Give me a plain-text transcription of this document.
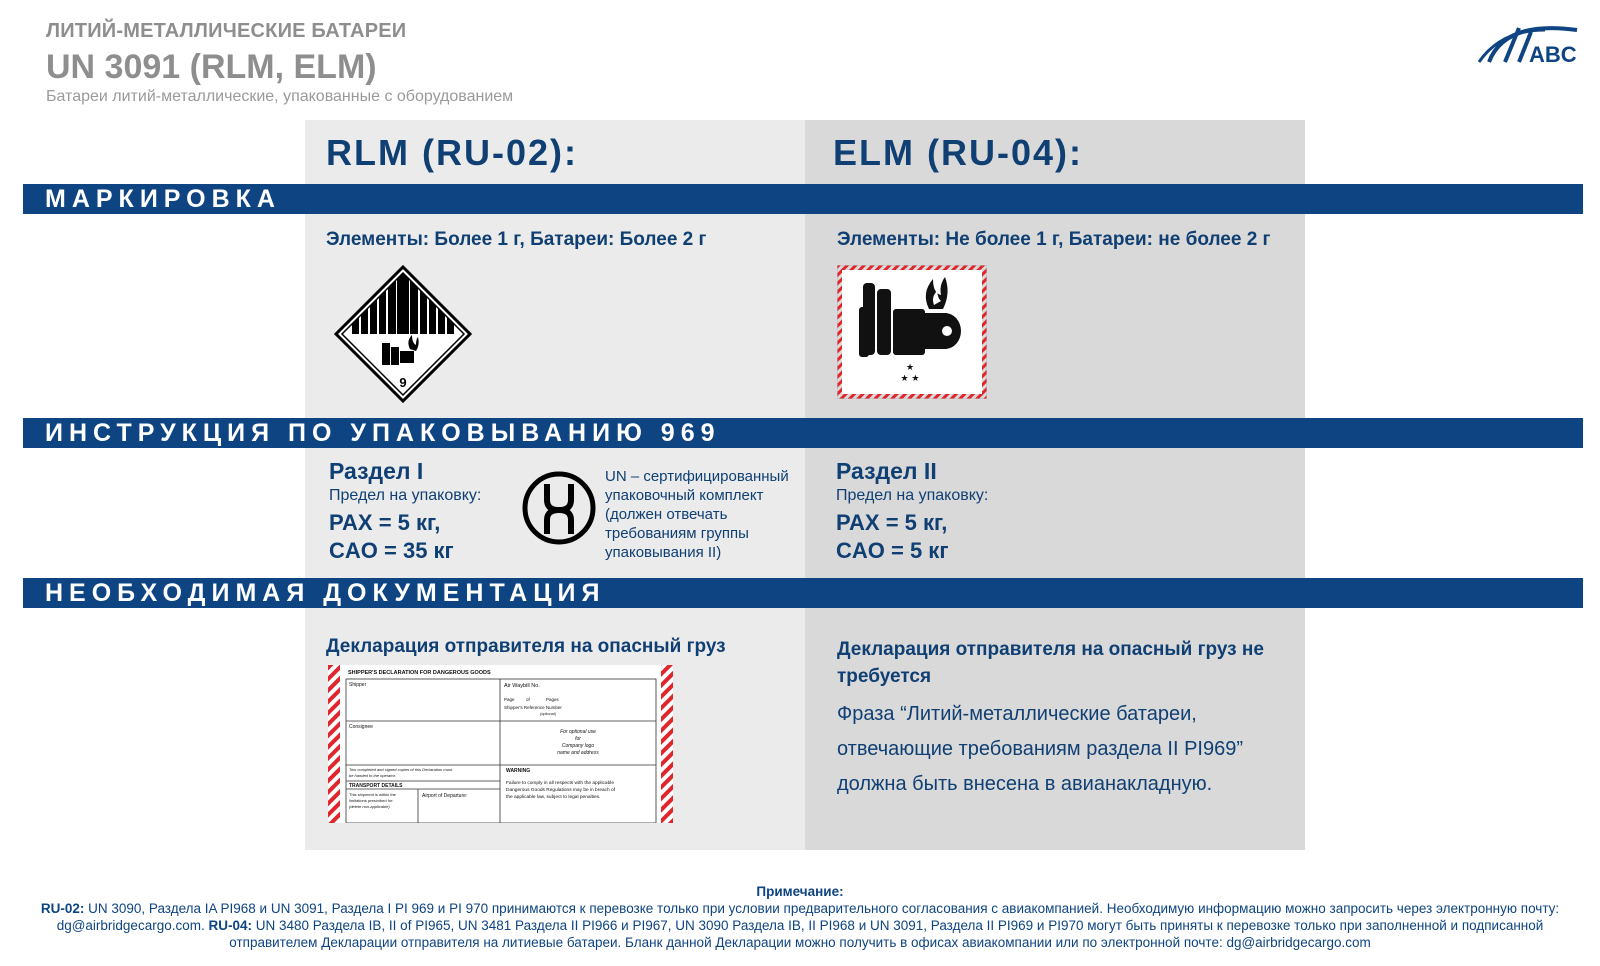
ЛИТИЙ-МЕТАЛЛИЧЕСКИЕ БАТАРЕИ
UN 3091 (RLM, ELM)
Батареи литий-металлические, упакованные с оборудованием
ABC
RLM (RU-02):	ELM (RU-04):
МАРКИРОВКА
Элементы: Более 1 г, Батареи: Более 2 г	Элементы: Не более 1 г, Батареи: не более 2 г
9
★
★ ★
ИНСТРУКЦИЯ ПО УПАКОВЫВАНИЮ 969
Раздел I
Предел на упаковку:
PAX = 5 кг,
CAO = 35 кг
UN – сертифицированный упаковочный комплект (должен отвечать требованиям группы упаковывания II)
Раздел II
Предел на упаковку:
PAX = 5 кг,
CAO = 5 кг
НЕОБХОДИМАЯ ДОКУМЕНТАЦИЯ
Декларация отправителя на опасный груз	Декларация отправителя на опасный груз не требуется
Фраза “Литий-металлические батареи, отвечающие требованиям раздела II PI969” должна быть внесена в авианакладную.
SHIPPER'S DECLARATION FOR DANGEROUS GOODS
Shipper	Air Waybill No.
Page	of	Pages
Shipper's Reference Number
(optional)
Consignee
For optional use
for
Company logo
name and address
Two completed and signed copies of this Declaration must
be handed to the operator.
WARNING
TRANSPORT DETAILS
This shipment is within the
limitations prescribed for:
(delete non-applicable)
Airport of Departure:
Failure to comply in all respects with the applicable
Dangerous Goods Regulations may be in breach of
the applicable law, subject to legal penalties.
Примечание:
RU-02: UN 3090, Раздела IA PI968 и UN 3091, Раздела I PI 969 и PI 970 принимаются к перевозке только при условии предварительного согласования с авиакомпанией. Необходимую информацию можно запросить через электронную почту: dg@airbridgecargo.com. RU-04: UN 3480 Раздела IB, II of PI965, UN 3481 Раздела II PI966 и PI967, UN 3090 Раздела IB, II PI968 и UN 3091, Раздела II PI969 и PI970 могут быть приняты к перевозке только при заполненной и подписанной отправителем Декларации отправителя на литиевые батареи. Бланк данной Декларации можно получить в офисах авиакомпании или по электронной почте: dg@airbridgecargo.com
